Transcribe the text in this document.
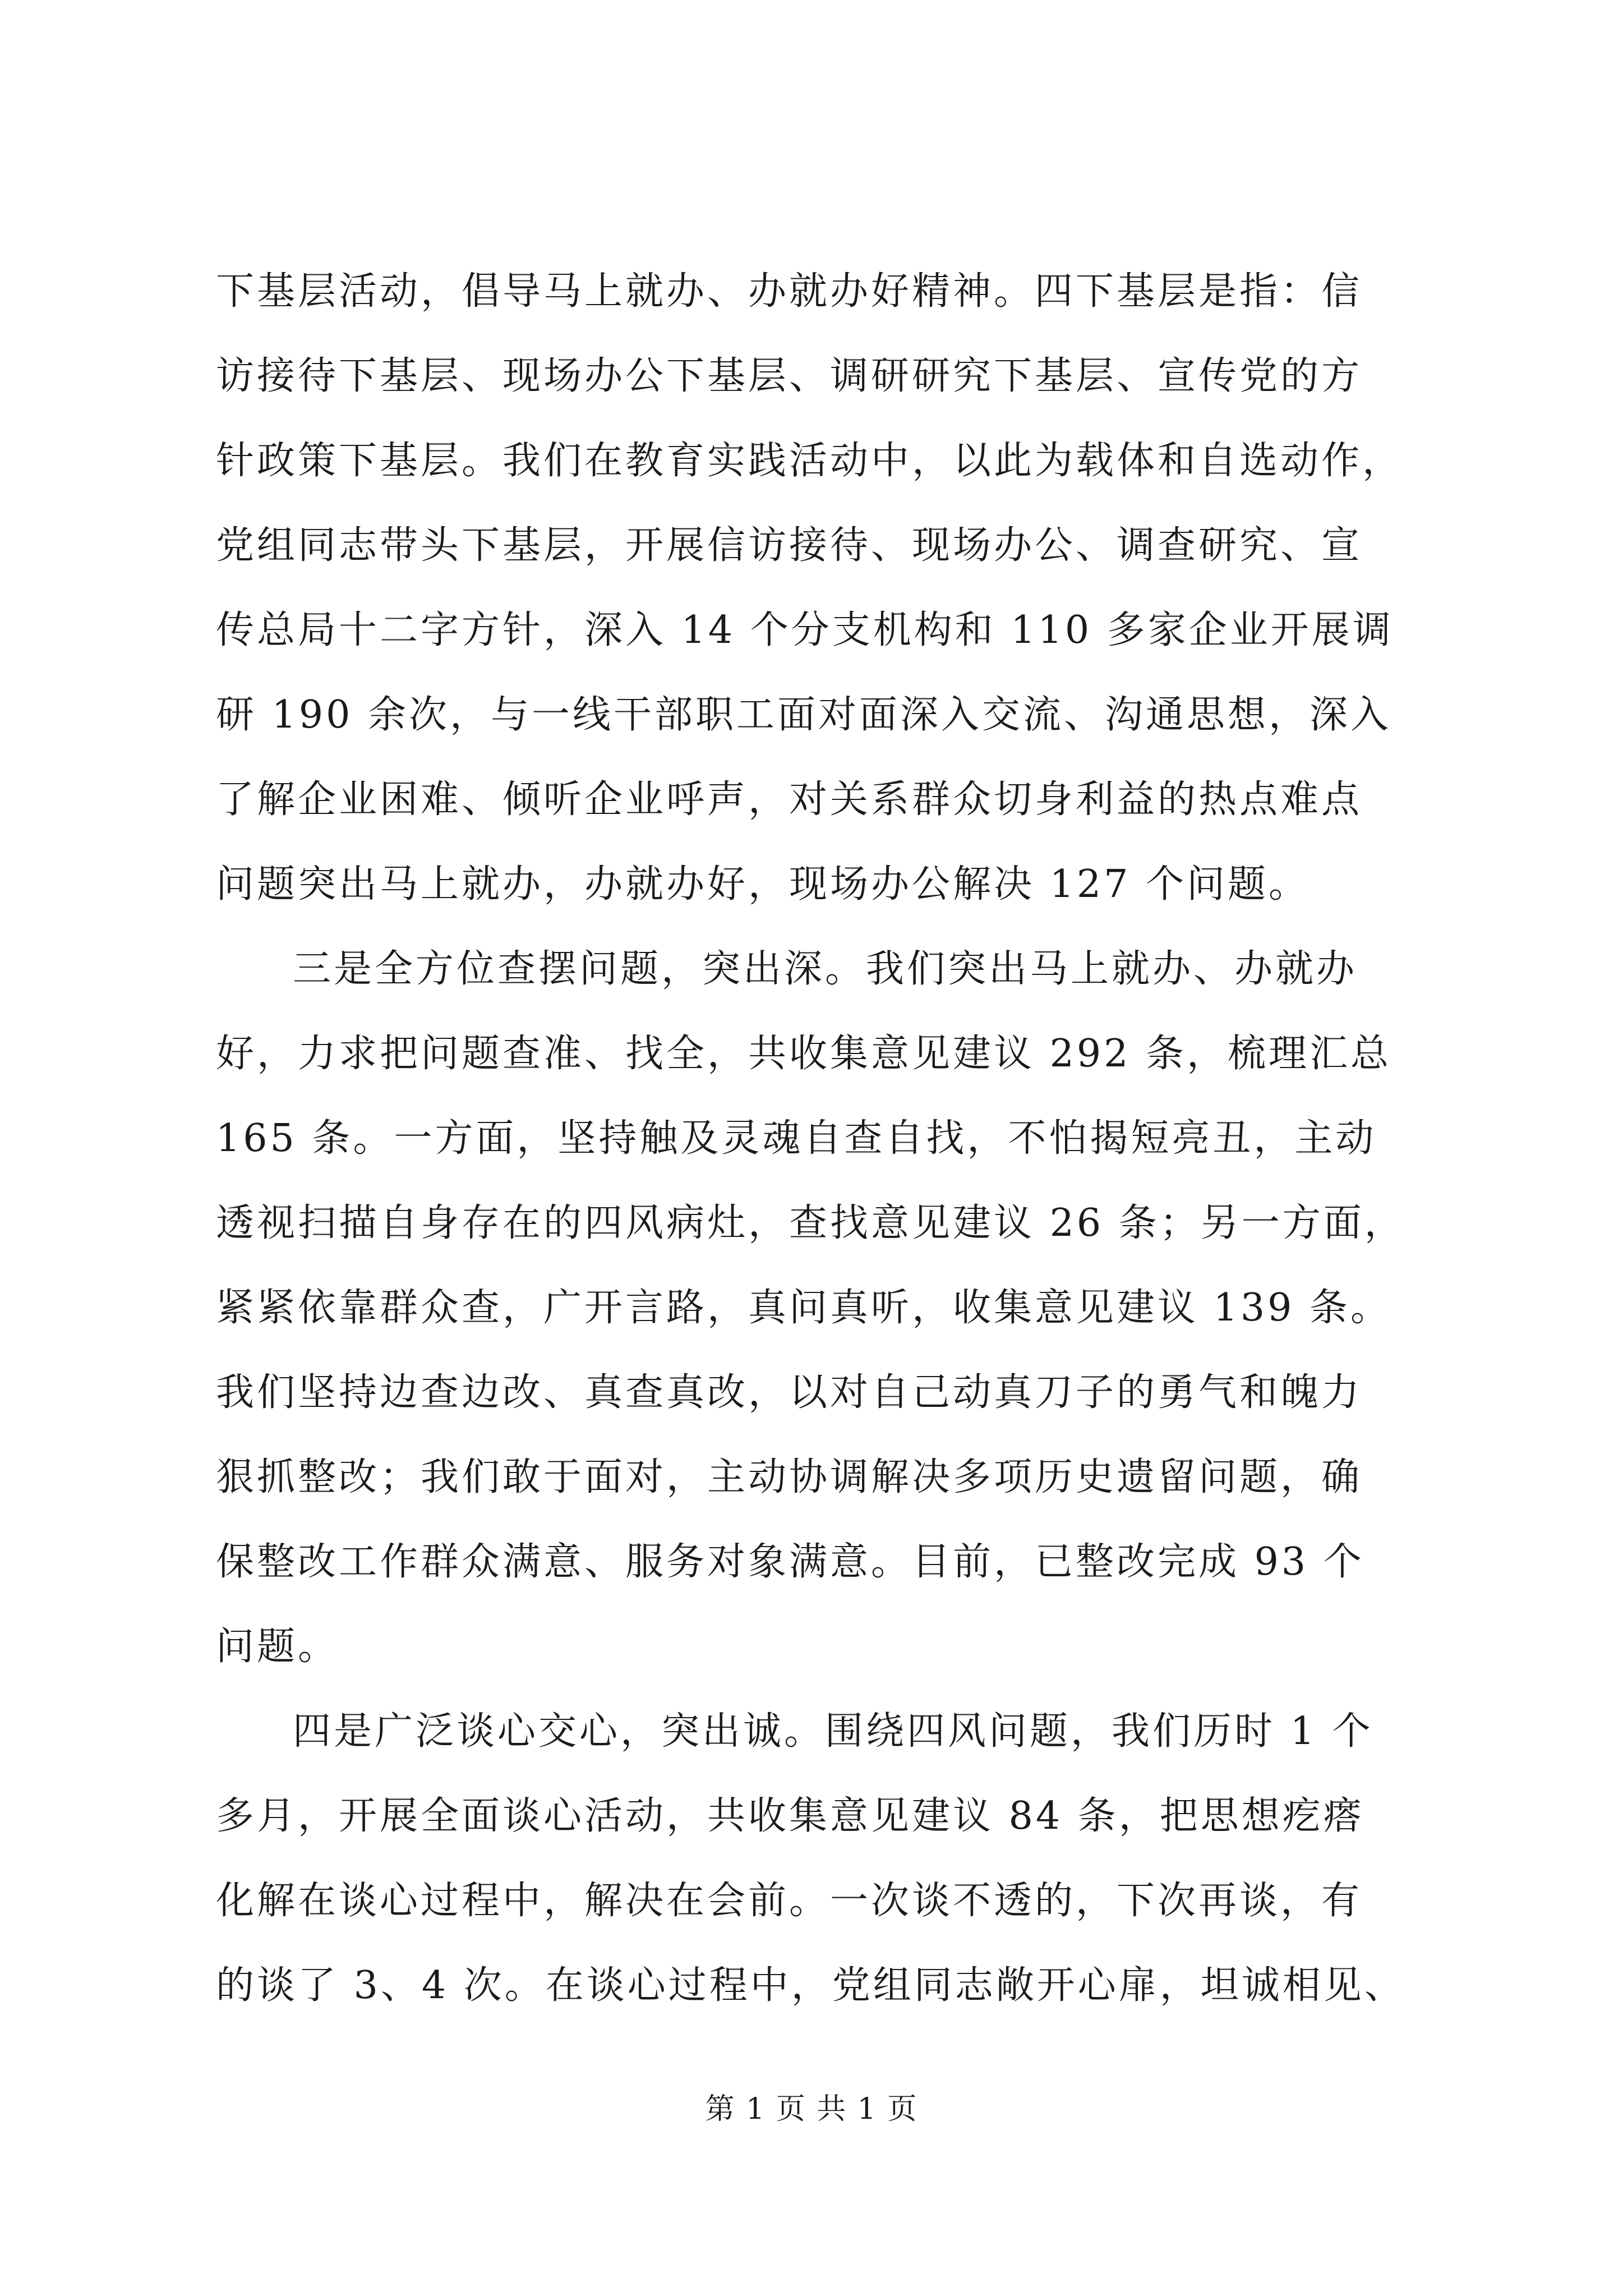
下基层活动，倡导马上就办、办就办好精神。四下基层是指：信
访接待下基层、现场办公下基层、调研研究下基层、宣传党的方
针政策下基层。我们在教育实践活动中，以此为载体和自选动作，
党组同志带头下基层，开展信访接待、现场办公、调查研究、宣
传总局十二字方针，深入 14 个分支机构和 110 多家企业开展调
研 190 余次，与一线干部职工面对面深入交流、沟通思想，深入
了解企业困难、倾听企业呼声，对关系群众切身利益的热点难点
问题突出马上就办，办就办好，现场办公解决 127 个问题。
三是全方位查摆问题，突出深。我们突出马上就办、办就办
好，力求把问题查准、找全，共收集意见建议 292 条，梳理汇总
165 条。一方面，坚持触及灵魂自查自找，不怕揭短亮丑，主动
透视扫描自身存在的四风病灶，查找意见建议 26 条；另一方面，
紧紧依靠群众查，广开言路，真问真听，收集意见建议 139 条。
我们坚持边查边改、真查真改，以对自己动真刀子的勇气和魄力
狠抓整改；我们敢于面对，主动协调解决多项历史遗留问题，确
保整改工作群众满意、服务对象满意。目前，已整改完成 93 个
问题。
四是广泛谈心交心，突出诚。围绕四风问题，我们历时 1 个
多月，开展全面谈心活动，共收集意见建议 84 条，把思想疙瘩
化解在谈心过程中，解决在会前。一次谈不透的，下次再谈，有
的谈了 3、4 次。在谈心过程中，党组同志敞开心扉，坦诚相见、
第 1 页 共 1 页
